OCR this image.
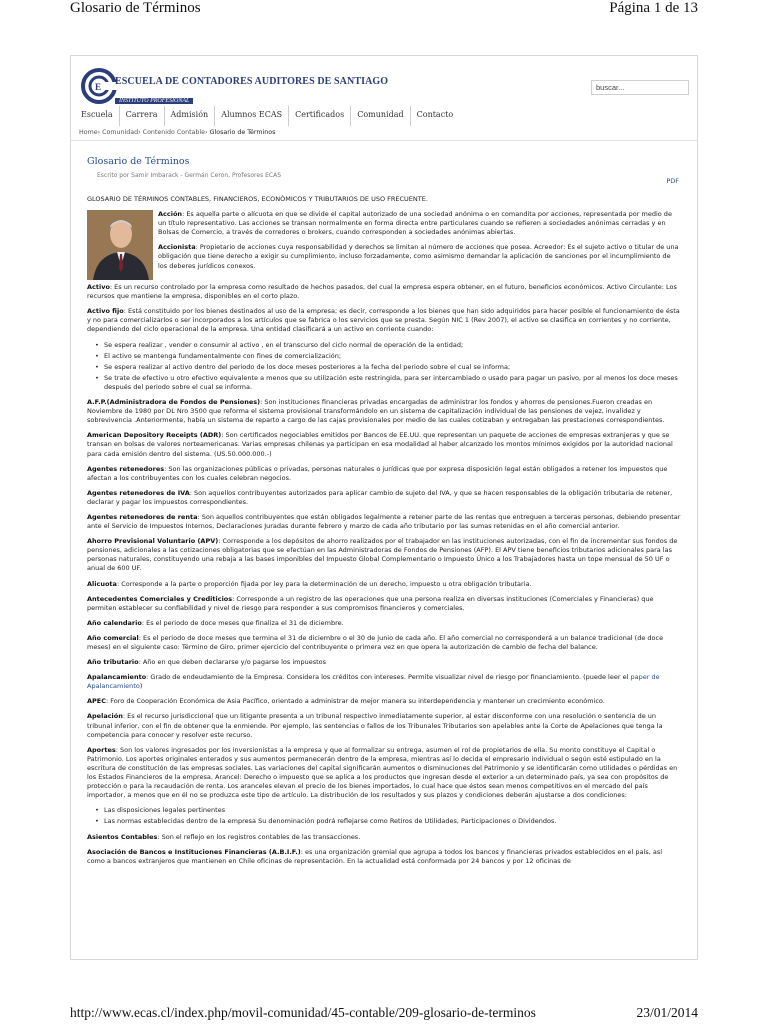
Glosario de Términos	Página 1 de 13
E ESCUELA DE CONTADORES AUDITORES DE SANTIAGO
INSTITUTO PROFESIONAL
buscar...
Escuela	Carrera	Admisión	Alumnos ECAS	Certificados	Comunidad	Contacto
Home› Comunidad› Contenido Contable› Glosario de Términos
Glosario de Términos
Escrito por Samir Imbarack - Germán Ceron, Profesores ECAS
PDF

GLOSARIO DE TÉRMINOS CONTABLES, FINANCIEROS, ECONÓMICOS Y TRIBUTARIOS DE USO FRECUENTE.

Acción: Es aquella parte o alícuota en que se divide el capital autorizado de una sociedad anónima o en comandita por acciones, representada por medio de un título representativo. Las acciones se transan normalmente en forma directa entre particulares cuando se refieren a sociedades anónimas cerradas y en Bolsas de Comercio, a través de corredores o brokers, cuando corresponden a sociedades anónimas abiertas.

Accionista: Propietario de acciones cuya responsabilidad y derechos se limitan al número de acciones que posea. Acreedor: Es el sujeto activo o titular de una obligación que tiene derecho a exigir su cumplimiento, incluso forzadamente, como asimismo demandar la aplicación de sanciones por el incumplimiento de los deberes jurídicos conexos.

Activo: Es un recurso controlado por la empresa como resultado de hechos pasados, del cual la empresa espera obtener, en el futuro, beneficios económicos. Activo Circulante: Los recursos que mantiene la empresa, disponibles en el corto plazo.

Activo fijo: Está constituido por los bienes destinados al uso de la empresa; es decir, corresponde a los bienes que han sido adquiridos para hacer posible el funcionamiento de ésta y no para comercializarlos o ser incorporados a los artículos que se fabrica o los servicios que se presta. Según NIC 1 (Rev 2007), el activo se clasifica en corrientes y no corriente, dependiendo del ciclo operacional de la empresa. Una entidad clasificará a un activo en corriente cuando:

• Se espera realizar , vender o consumir al activo , en el transcurso del ciclo normal de operación de la entidad;
• El activo se mantenga fundamentalmente con fines de comercialización;
• Se espera realizar al activo dentro del periodo de los doce meses posteriores a la fecha del periodo sobre el cual se informa;
• Se trate de efectivo u otro efectivo equivalente a menos que su utilización este restringida, para ser intercambiado o usado para pagar un pasivo, por al menos los doce meses después del periodo sobre el cual se informa.

A.F.P.(Administradora de Fondos de Pensiones): Son instituciones financieras privadas encargadas de administrar los fondos y ahorros de pensiones.Fueron creadas en Noviembre de 1980 por DL Nro 3500 que reforma el sistema provisional transformándolo en un sistema de capitalización individual de las pensiones de vejez, invalidez y sobrevivencia .Anteriormente, había un sistema de reparto a cargo de las cajas provisionales por medio de las cuales cotizaban y entregaban las prestaciones correspondientes.

American Depository Receipts (ADR): Son certificados negociables emitidos por Bancos de EE.UU. que representan un paquete de acciones de empresas extranjeras y que se transan en bolsas de valores norteamericanas. Varias empresas chilenas ya participan en esa modalidad al haber alcanzado los montos mínimos exigidos por la autoridad nacional para cada emisión dentro del sistema. (US.50.000.000.-)

Agentes retenedores: Son las organizaciones públicas o privadas, personas naturales o jurídicas que por expresa disposición legal están obligados a retener los impuestos que afectan a los contribuyentes con los cuales celebran negocios.

Agentes retenedores de IVA: Son aquellos contribuyentes autorizados para aplicar cambio de sujeto del IVA, y que se hacen responsables de la obligación tributaria de retener, declarar y pagar los impuestos correspondientes.

Agentes retenedores de renta: Son aquellos contribuyentes que están obligados legalmente a retener parte de las rentas que entreguen a terceras personas, debiendo presentar ante el Servicio de Impuestos Internos, Declaraciones Juradas durante febrero y marzo de cada año tributario por las sumas retenidas en el año comercial anterior.

Ahorro Previsional Voluntario (APV): Corresponde a los depósitos de ahorro realizados por el trabajador en las instituciones autorizadas, con el fin de incrementar sus fondos de pensiones, adicionales a las cotizaciones obligatorias que se efectúan en las Administradoras de Fondos de Pensiones (AFP). El APV tiene beneficios tributarios adicionales para las personas naturales, constituyendo una rebaja a las bases imponibles del Impuesto Global Complementario o Impuesto Único a los Trabajadores hasta un tope mensual de 50 UF o anual de 600 UF.

Alicuota: Corresponde a la parte o proporción fijada por ley para la determinación de un derecho, impuesto u otra obligación tributaria.

Antecedentes Comerciales y Crediticios: Corresponde a un registro de las operaciones que una persona realiza en diversas instituciones (Comerciales y Financieras) que permiten establecer su confiabilidad y nivel de riesgo para responder a sus compromisos financieros y comerciales.

Año calendario: Es el periodo de doce meses que finaliza el 31 de diciembre.

Año comercial: Es el periodo de doce meses que termina el 31 de diciembre o el 30 de junio de cada año. El año comercial no corresponderá a un balance tradicional (de doce meses) en el siguiente caso: Término de Giro, primer ejercicio del contribuyente o primera vez en que opera la autorización de cambio de fecha del balance.

Año tributario: Año en que deben declararse y/o pagarse los impuestos

Apalancamiento: Grado de endeudamiento de la Empresa. Considera los créditos con intereses. Permite visualizar nivel de riesgo por financiamiento. (puede leer el paper de Apalancamiento)

APEC: Foro de Cooperación Económica de Asia Pacífico, orientado a administrar de mejor manera su interdependencia y mantener un crecimiento económico.

Apelación: Es el recurso jurisdiccional que un litigante presenta a un tribunal respectivo inmediatamente superior, al estar disconforme con una resolución o sentencia de un tribunal inferior, con el fin de obtener que la enmiende. Por ejemplo, las sentencias o fallos de los Tribunales Tributarios son apelables ante la Corte de Apelaciones que tenga la competencia para conocer y resolver este recurso.

Aportes: Son los valores ingresados por los inversionistas a la empresa y que al formalizar su entrega, asumen el rol de propietarios de ella. Su monto constituye el Capital o Patrimonio. Los aportes originales enterados y sus aumentos permanecerán dentro de la empresa, mientras así lo decida el empresario individual o según esté estipulado en la escritura de constitución de las empresas sociales. Las variaciones del capital significarán aumentos o disminuciones del Patrimonio y se identificarán como utilidades o pérdidas en los Estados Financieros de la empresa. Arancel: Derecho o impuesto que se aplica a los productos que ingresan desde el exterior a un determinado país, ya sea con propósitos de protección o para la recaudación de renta. Los aranceles elevan el precio de los bienes importados, lo cual hace que éstos sean menos competitivos en el mercado del país importador, a menos que en él no se produzca este tipo de artículo. La distribución de los resultados y sus plazos y condiciones deberán ajustarse a dos condiciones:

• Las disposiciones legales pertinentes
• Las normas establecidas dentro de la empresa Su denominación podrá reflejarse como Retiros de Utilidades, Participaciones o Dividendos.

Asientos Contables: Son el reflejo en los registros contables de las transacciones.

Asociación de Bancos e Instituciones Financieras (A.B.I.F.): es una organización gremial que agrupa a todos los bancos y financieras privados establecidos en el país, así como a bancos extranjeros que mantienen en Chile oficinas de representación. En la actualidad está conformada por 24 bancos y por 12 oficinas de

http://www.ecas.cl/index.php/movil-comunidad/45-contable/209-glosario-de-terminos	23/01/2014
